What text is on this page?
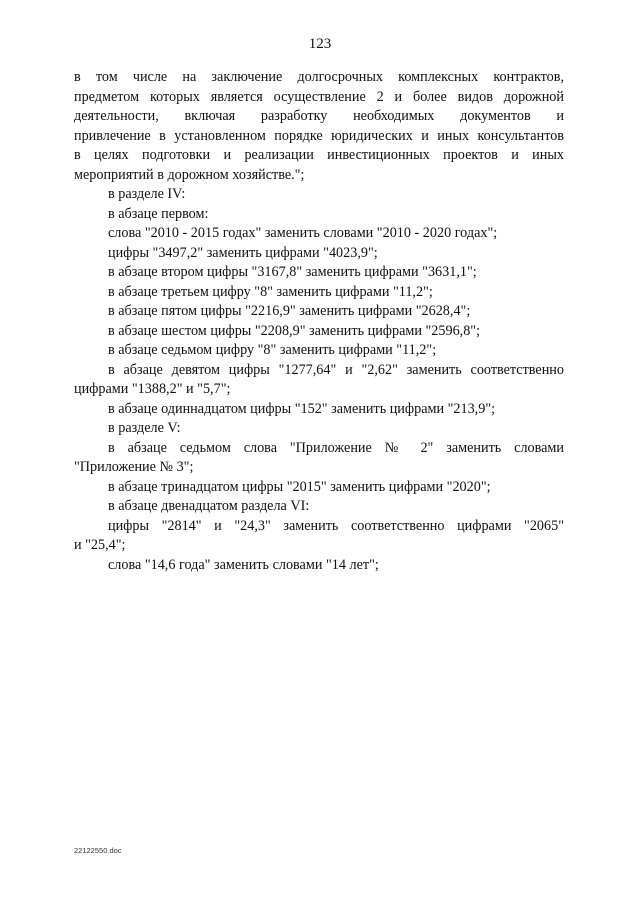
123
в том числе на заключение долгосрочных комплексных контрактов,
предметом которых является осуществление 2 и более видов дорожной
деятельности, включая разработку необходимых документов и
привлечение в установленном порядке юридических и иных консультантов
в целях подготовки и реализации инвестиционных проектов и иных
мероприятий в дорожном хозяйстве.";
в разделе IV:
в абзаце первом:
слова "2010 - 2015 годах" заменить словами "2010 - 2020 годах";
цифры "3497,2" заменить цифрами "4023,9";
в абзаце втором цифры "3167,8" заменить цифрами "3631,1";
в абзаце третьем цифру "8" заменить цифрами "11,2";
в абзаце пятом цифры "2216,9" заменить цифрами "2628,4";
в абзаце шестом цифры "2208,9" заменить цифрами "2596,8";
в абзаце седьмом цифру "8" заменить цифрами "11,2";
в абзаце девятом цифры "1277,64" и "2,62" заменить соответственно
цифрами "1388,2" и "5,7";
в абзаце одиннадцатом цифры "152" заменить цифрами "213,9";
в разделе V:
в абзаце седьмом слова "Приложение № 2" заменить словами
"Приложение № 3";
в абзаце тринадцатом цифры "2015" заменить цифрами "2020";
в абзаце двенадцатом раздела VI:
цифры "2814" и "24,3" заменить соответственно цифрами "2065"
и "25,4";
слова "14,6 года" заменить словами "14 лет";
22122550.doc
